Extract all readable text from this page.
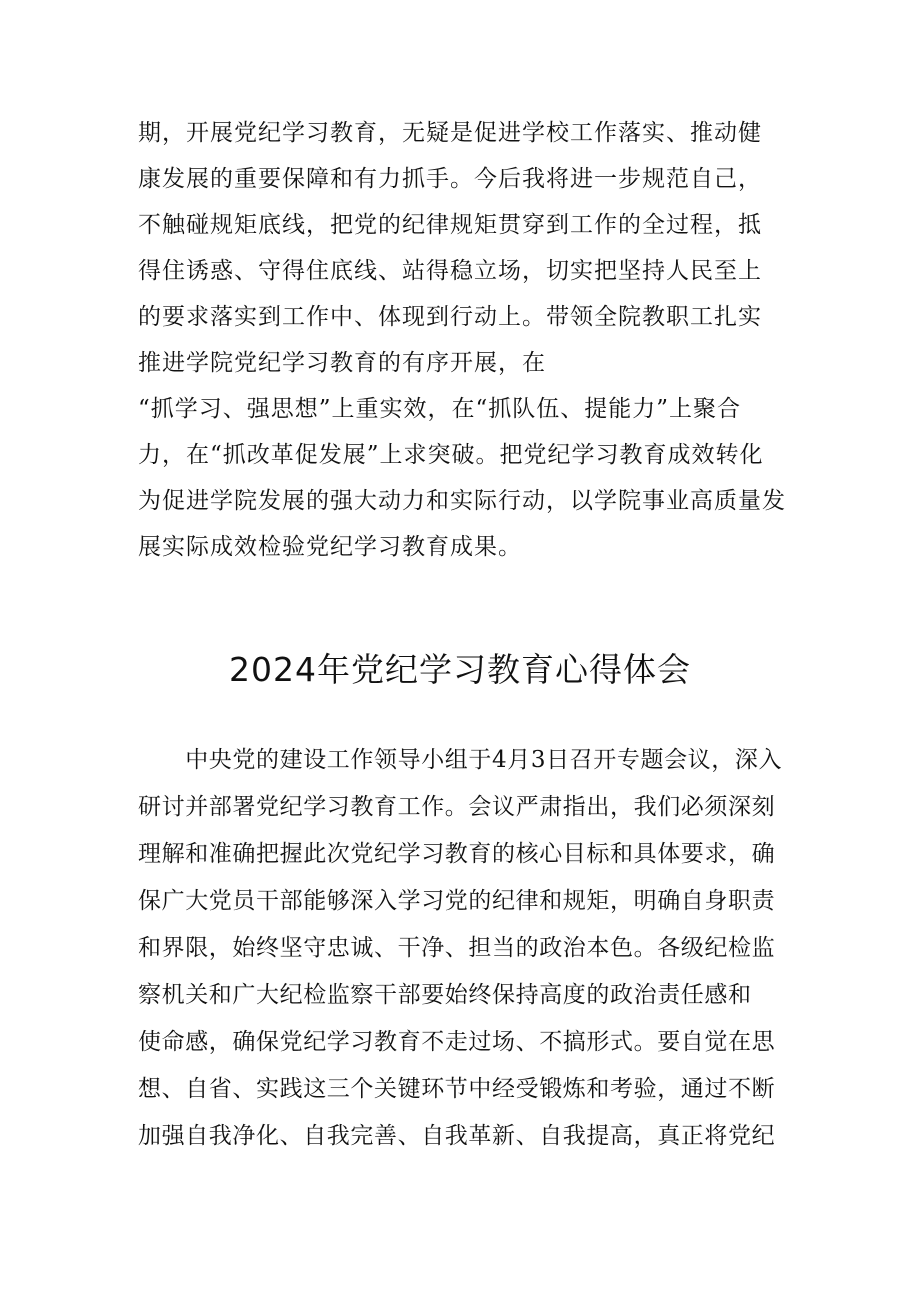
期，开展党纪学习教育，无疑是促进学校工作落实、推动健
康发展的重要保障和有力抓手。今后我将进一步规范自己，
不触碰规矩底线，把党的纪律规矩贯穿到工作的全过程，抵
得住诱惑、守得住底线、站得稳立场，切实把坚持人民至上
的要求落实到工作中、体现到行动上。带领全院教职工扎实
推进学院党纪学习教育的有序开展，在
“抓学习、强思想”上重实效，在“抓队伍、提能力”上聚合
力，在“抓改革促发展”上求突破。把党纪学习教育成效转化
为促进学院发展的强大动力和实际行动，以学院事业高质量发
展实际成效检验党纪学习教育成果。
2024年党纪学习教育心得体会
　　中央党的建设工作领导小组于4月3日召开专题会议，深入
研讨并部署党纪学习教育工作。会议严肃指出，我们必须深刻
理解和准确把握此次党纪学习教育的核心目标和具体要求，确
保广大党员干部能够深入学习党的纪律和规矩，明确自身职责
和界限，始终坚守忠诚、干净、担当的政治本色。各级纪检监
察机关和广大纪检监察干部要始终保持高度的政治责任感和
使命感，确保党纪学习教育不走过场、不搞形式。要自觉在思
想、自省、实践这三个关键环节中经受锻炼和考验，通过不断
加强自我净化、自我完善、自我革新、自我提高，真正将党纪
